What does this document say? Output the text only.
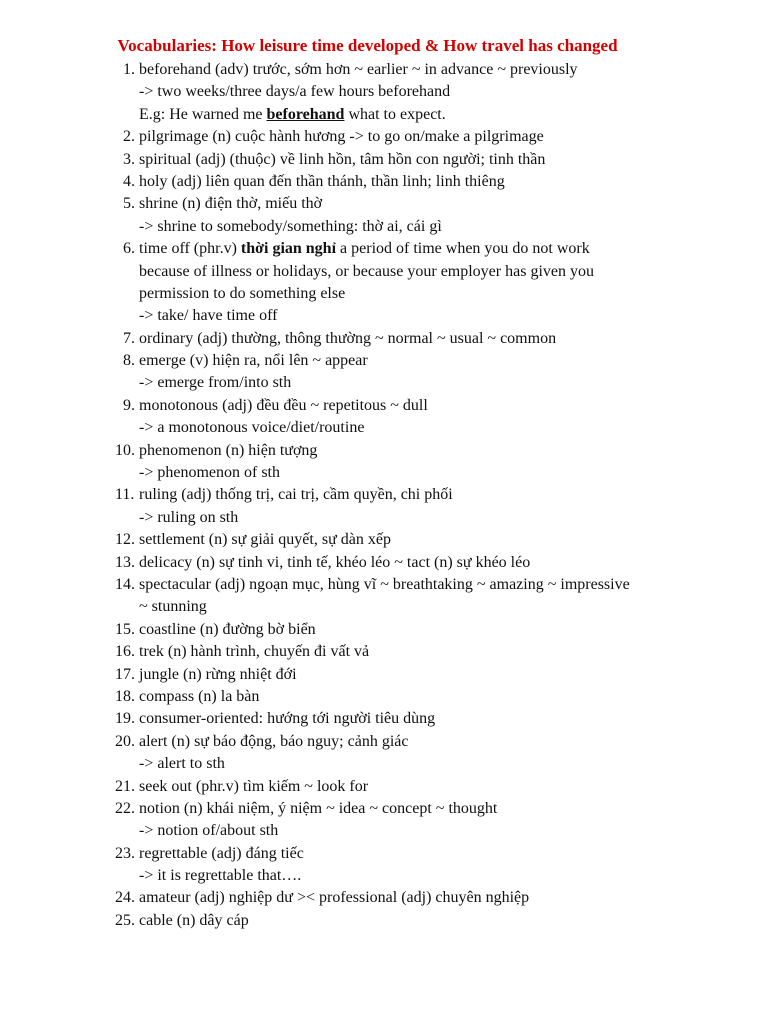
Vocabularies: How leisure time developed & How travel has changed
1. beforehand (adv) trước, sớm hơn ~ earlier ~ in advance ~ previously
-> two weeks/three days/a few hours beforehand
E.g: He warned me beforehand what to expect.
2. pilgrimage (n) cuộc hành hương -> to go on/make a pilgrimage
3. spiritual (adj) (thuộc) về linh hồn, tâm hồn con người; tinh thần
4. holy (adj) liên quan đến thần thánh, thần linh; linh thiêng
5. shrine (n) điện thờ, miếu thờ
-> shrine to somebody/something: thờ ai, cái gì
6. time off (phr.v) thời gian nghỉ a period of time when you do not work
because of illness or holidays, or because your employer has given you
permission to do something else
-> take/ have time off
7. ordinary (adj) thường, thông thường ~ normal ~ usual ~ common
8. emerge (v) hiện ra, nổi lên ~ appear
-> emerge from/into sth
9. monotonous (adj) đều đều ~ repetitous ~ dull
-> a monotonous voice/diet/routine
10. phenomenon (n) hiện tượng
-> phenomenon of sth
11. ruling (adj) thống trị, cai trị, cầm quyền, chi phối
-> ruling on sth
12. settlement (n) sự giải quyết, sự dàn xếp
13. delicacy (n) sự tinh vi, tinh tế, khéo léo ~ tact (n) sự khéo léo
14. spectacular (adj) ngoạn mục, hùng vĩ ~ breathtaking ~ amazing ~ impressive
~ stunning
15. coastline (n) đường bờ biển
16. trek (n) hành trình, chuyến đi vất vả
17. jungle (n) rừng nhiệt đới
18. compass (n) la bàn
19. consumer-oriented: hướng tới người tiêu dùng
20. alert (n) sự báo động, báo nguy; cảnh giác
-> alert to sth
21. seek out (phr.v) tìm kiếm ~ look for
22. notion (n) khái niệm, ý niệm ~ idea ~ concept ~ thought
-> notion of/about sth
23. regrettable (adj) đáng tiếc
-> it is regrettable that….
24. amateur (adj) nghiệp dư >< professional (adj) chuyên nghiệp
25. cable (n) dây cáp
